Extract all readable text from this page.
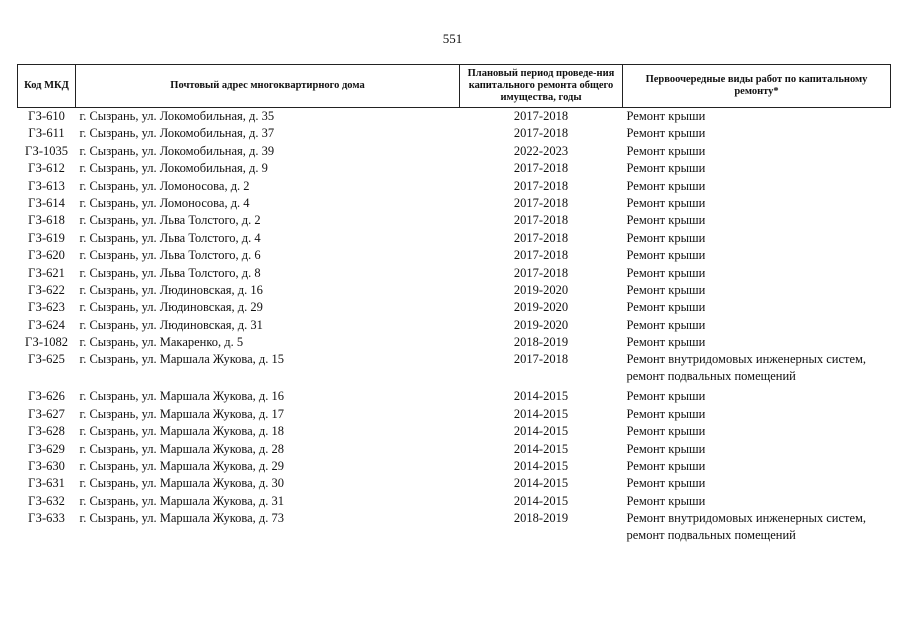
551
Код МКД	Почтовый адрес многоквартирного дома	Плановый период проведе-ния капитального ремонта общего имущества, годы	Первоочередные виды работ по капитальному ремонту*
ГЗ-610	г. Сызрань, ул. Локомобильная, д. 35	2017-2018	Ремонт крыши
ГЗ-611	г. Сызрань, ул. Локомобильная, д. 37	2017-2018	Ремонт крыши
ГЗ-1035	г. Сызрань, ул. Локомобильная, д. 39	2022-2023	Ремонт крыши
ГЗ-612	г. Сызрань, ул. Локомобильная, д. 9	2017-2018	Ремонт крыши
ГЗ-613	г. Сызрань, ул. Ломоносова, д. 2	2017-2018	Ремонт крыши
ГЗ-614	г. Сызрань, ул. Ломоносова, д. 4	2017-2018	Ремонт крыши
ГЗ-618	г. Сызрань, ул. Льва Толстого, д. 2	2017-2018	Ремонт крыши
ГЗ-619	г. Сызрань, ул. Льва Толстого, д. 4	2017-2018	Ремонт крыши
ГЗ-620	г. Сызрань, ул. Льва Толстого, д. 6	2017-2018	Ремонт крыши
ГЗ-621	г. Сызрань, ул. Льва Толстого, д. 8	2017-2018	Ремонт крыши
ГЗ-622	г. Сызрань, ул. Людиновская, д. 16	2019-2020	Ремонт крыши
ГЗ-623	г. Сызрань, ул. Людиновская, д. 29	2019-2020	Ремонт крыши
ГЗ-624	г. Сызрань, ул. Людиновская, д. 31	2019-2020	Ремонт крыши
ГЗ-1082	г. Сызрань, ул. Макаренко, д. 5	2018-2019	Ремонт крыши
ГЗ-625	г. Сызрань, ул. Маршала Жукова, д. 15	2017-2018	Ремонт внутридомовых инженерных систем, ремонт подвальных помещений
ГЗ-626	г. Сызрань, ул. Маршала Жукова, д. 16	2014-2015	Ремонт крыши
ГЗ-627	г. Сызрань, ул. Маршала Жукова, д. 17	2014-2015	Ремонт крыши
ГЗ-628	г. Сызрань, ул. Маршала Жукова, д. 18	2014-2015	Ремонт крыши
ГЗ-629	г. Сызрань, ул. Маршала Жукова, д. 28	2014-2015	Ремонт крыши
ГЗ-630	г. Сызрань, ул. Маршала Жукова, д. 29	2014-2015	Ремонт крыши
ГЗ-631	г. Сызрань, ул. Маршала Жукова, д. 30	2014-2015	Ремонт крыши
ГЗ-632	г. Сызрань, ул. Маршала Жукова, д. 31	2014-2015	Ремонт крыши
ГЗ-633	г. Сызрань, ул. Маршала Жукова, д. 73	2018-2019	Ремонт внутридомовых инженерных систем, ремонт подвальных помещений
